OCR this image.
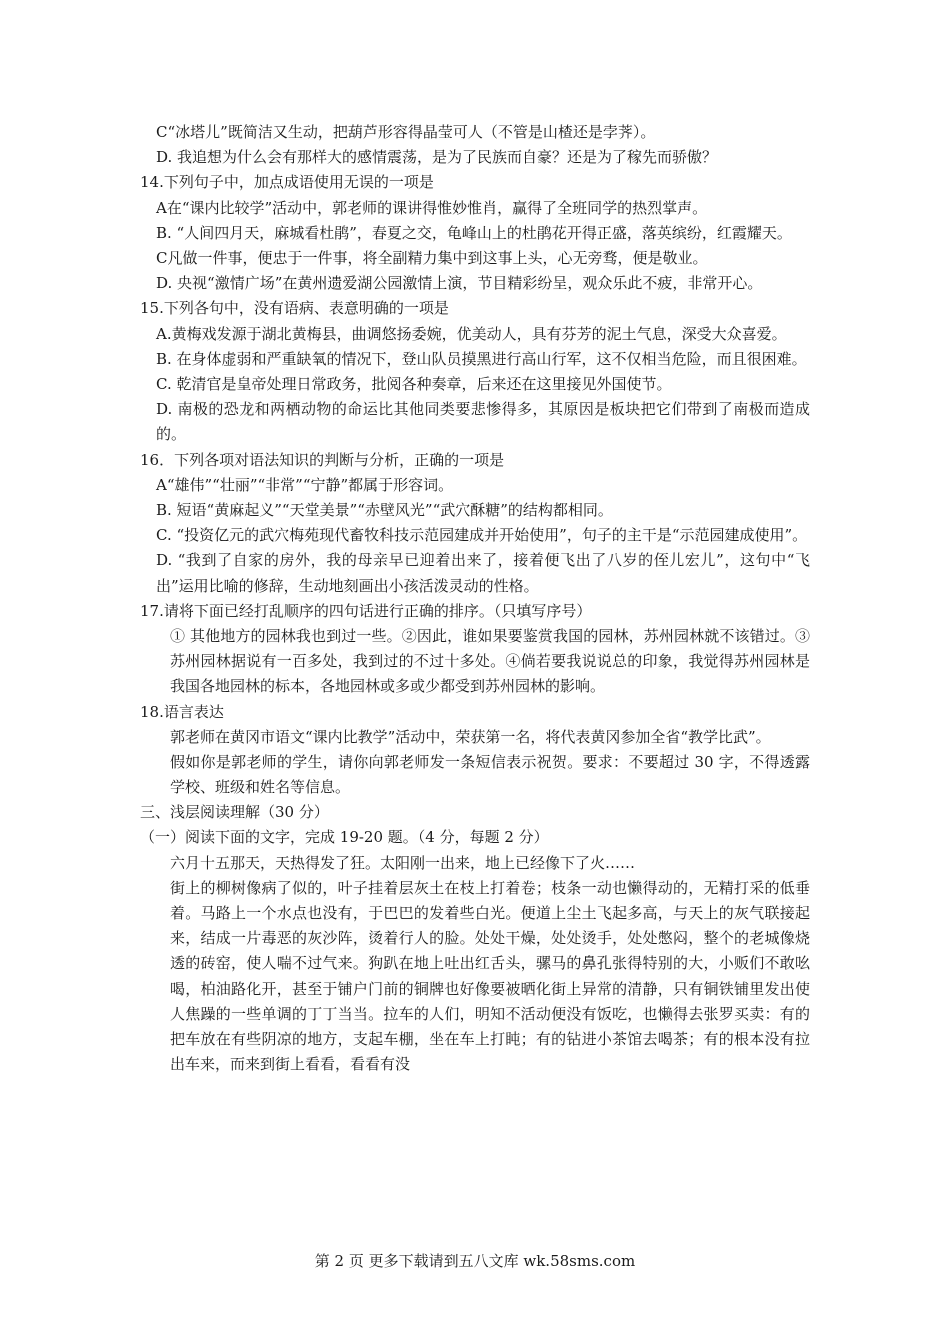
C“冰塔儿”既简洁又生动，把葫芦形容得晶莹可人（不管是山楂还是孛荠）。
D. 我追想为什么会有那样大的感情震荡，是为了民族而自豪？还是为了稼先而骄傲？
14.下列句子中，加点成语使用无误的一项是
A在“课内比较学”活动中，郭老师的课讲得惟妙惟肖，赢得了全班同学的热烈掌声。
B. “人间四月天，麻城看杜鹃”，春夏之交，龟峰山上的杜鹃花开得正盛，落英缤纷，红霞耀天。
C凡做一件事，便忠于一件事，将全副精力集中到这事上头，心无旁骛，便是敬业。
D. 央视“激情广场”在黄州遗爱湖公园激情上演，节目精彩纷呈，观众乐此不疲，非常开心。
15.下列各句中，没有语病、表意明确的一项是
A.黄梅戏发源于湖北黄梅县，曲调悠扬委婉，优美动人，具有芬芳的泥土气息，深受大众喜爱。
B. 在身体虚弱和严重缺氧的情况下，登山队员摸黑进行高山行军，这不仅相当危险，而且很困难。
C. 乾清官是皇帝处理日常政务，批阅各种奏章，后来还在这里接见外国使节。
D. 南极的恐龙和两栖动物的命运比其他同类要悲惨得多，其原因是板块把它们带到了南极而造成的。
16．下列各项对语法知识的判断与分析，正确的一项是
A“雄伟”“壮丽”“非常”“宁静”都属于形容词。
B. 短语“黄麻起义”“天堂美景”“赤壁风光”“武穴酥糖”的结构都相同。
C. “投资亿元的武穴梅苑现代畜牧科技示范园建成并开始使用”，句子的主干是“示范园建成使用”。
D. “我到了自家的房外，我的母亲早已迎着出来了，接着便飞出了八岁的侄儿宏儿”，这句中“飞出”运用比喻的修辞，生动地刻画出小孩活泼灵动的性格。
17.请将下面已经打乱顺序的四句话进行正确的排序。（只填写序号）
① 其他地方的园林我也到过一些。②因此，谁如果要鉴赏我国的园林，苏州园林就不该错过。③苏州园林据说有一百多处，我到过的不过十多处。④倘若要我说说总的印象，我觉得苏州园林是我国各地园林的标本，各地园林或多或少都受到苏州园林的影响。
18.语言表达
郭老师在黄冈市语文“课内比教学”活动中，荣获第一名，将代表黄冈参加全省“教学比武”。
假如你是郭老师的学生，请你向郭老师发一条短信表示祝贺。要求：不要超过 30 字，不得透露学校、班级和姓名等信息。
三、浅层阅读理解（30 分）
（一）阅读下面的文字，完成 19-20 题。（4 分，每题 2 分）
六月十五那天，天热得发了狂。太阳刚一出来，地上已经像下了火……
街上的柳树像病了似的，叶子挂着层灰土在枝上打着卷；枝条一动也懒得动的，无精打采的低垂着。马路上一个水点也没有，于巴巴的发着些白光。便道上尘土飞起多高，与天上的灰气联接起来，结成一片毒恶的灰沙阵，烫着行人的脸。处处干燥，处处烫手，处处憋闷，整个的老城像烧透的砖窑，使人喘不过气来。狗趴在地上吐出红舌头，骡马的鼻孔张得特别的大，小贩们不敢吆喝，柏油路化开，甚至于铺户门前的铜牌也好像要被晒化街上异常的清静，只有铜铁铺里发出使人焦躁的一些单调的丁丁当当。拉车的人们，明知不活动便没有饭吃，也懒得去张罗买卖：有的把车放在有些阴凉的地方，支起车棚，坐在车上打盹；有的钻进小茶馆去喝茶；有的根本没有拉出车来，而来到街上看看，看看有没
第 2 页 更多下载请到五八文库 wk.58sms.com
